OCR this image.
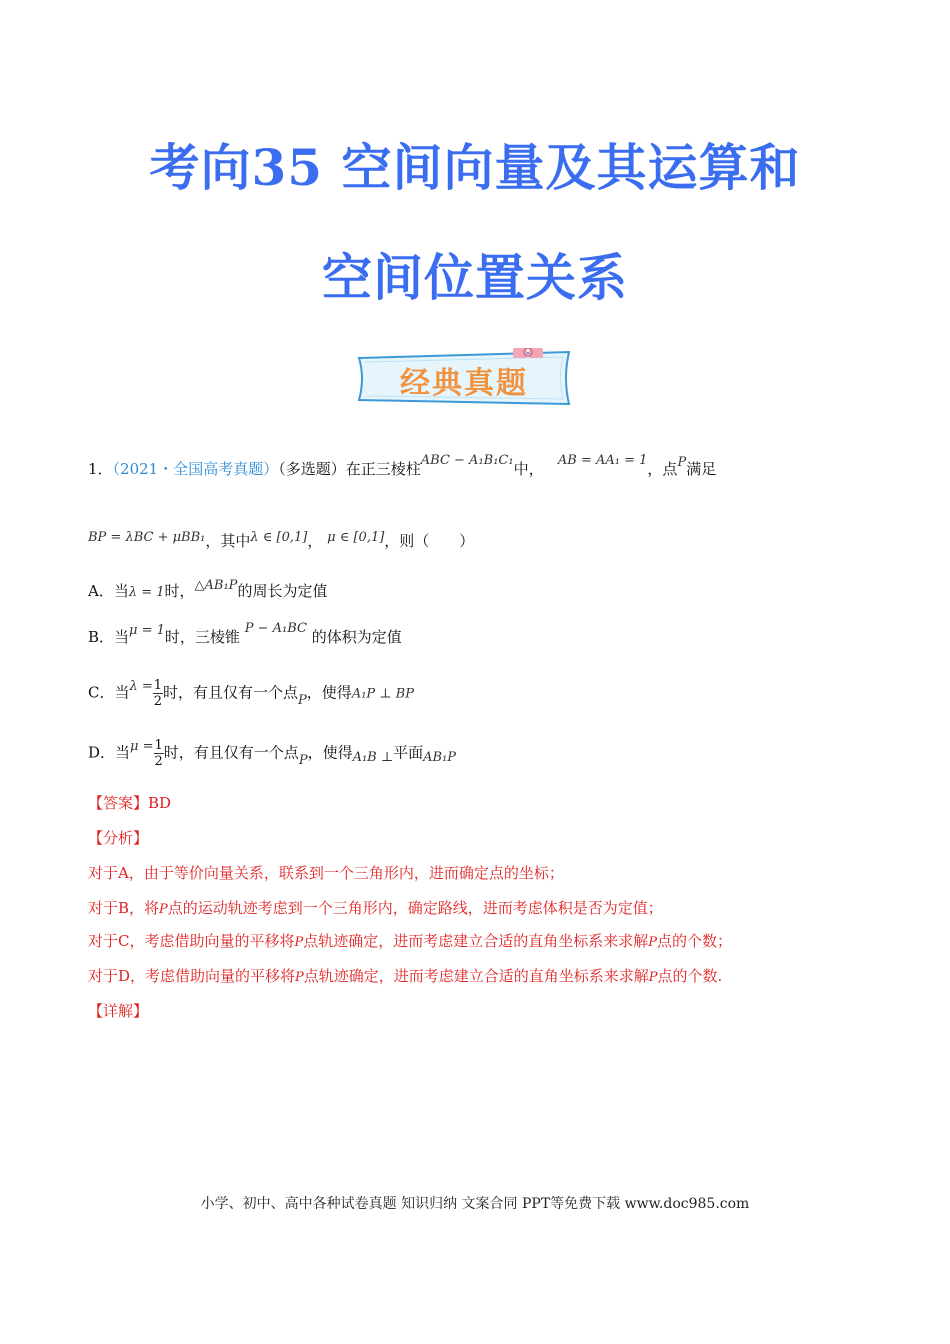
考向35 空间向量及其运算和
空间位置关系
经典真题
1．（2021・全国高考真题）（多选题）在正三棱柱ABC − A₁B₁C₁中， AB = AA₁ = 1，点P满足
BP = λBC + μBB₁，其中λ ∈ [0,1]， μ ∈ [0,1]，则（　　）
A．当λ = 1时，△AB₁P的周长为定值
B．当μ = 1时，三棱锥 P − A₁BC 的体积为定值
C．当$\lambda = \frac{1}{2}$ 时，有且仅有一个点P，使得A₁P ⊥ BP
D．当$\mu = \frac{1}{2}$ 时，有且仅有一个点P，使得A₁B ⊥平面AB₁P
【答案】BD
【分析】
对于A，由于等价向量关系，联系到一个三角形内，进而确定点的坐标；
对于B，将P点的运动轨迹考虑到一个三角形内，确定路线，进而考虑体积是否为定值；
对于C，考虑借助向量的平移将P点轨迹确定，进而考虑建立合适的直角坐标系来求解P点的个数；
对于D，考虑借助向量的平移将P点轨迹确定，进而考虑建立合适的直角坐标系来求解P点的个数.
【详解】
小学、初中、高中各种试卷真题 知识归纳 文案合同 PPT等免费下载 www.doc985.com
